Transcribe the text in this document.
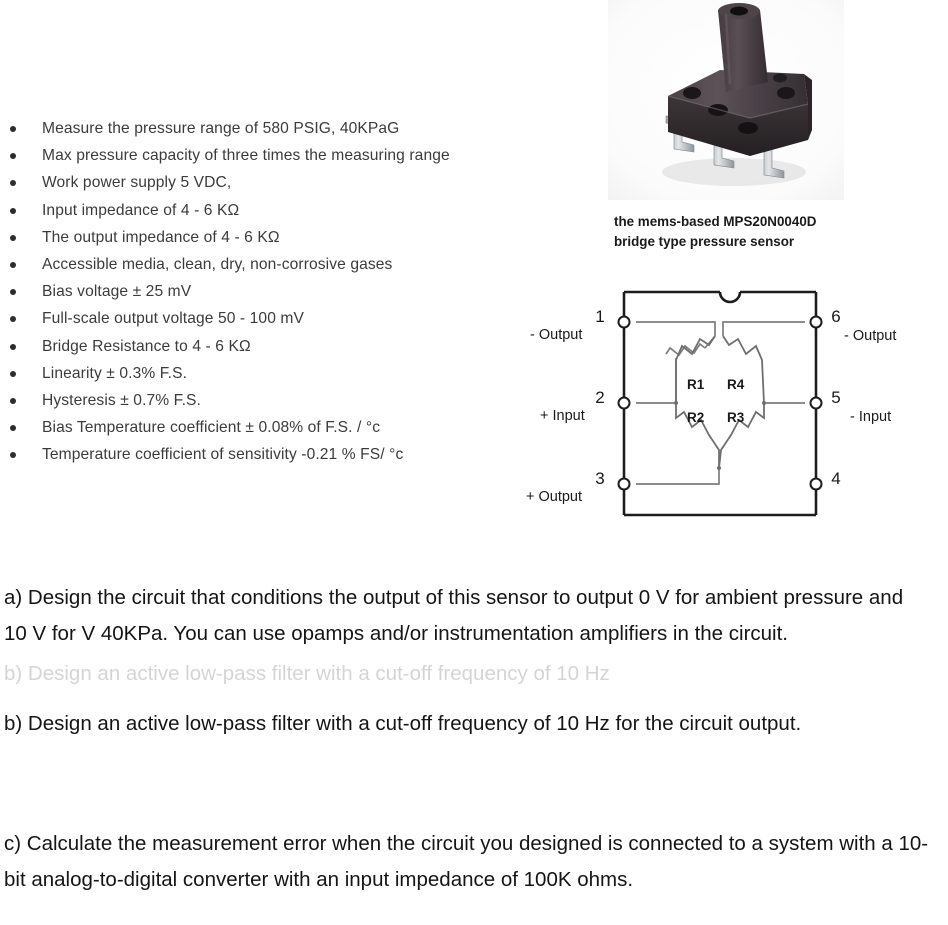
Measure the pressure range of 580 PSIG, 40KPaG
Max pressure capacity of three times the measuring range
Work power supply 5 VDC,
Input impedance of 4 - 6 KΩ
The output impedance of 4 - 6 KΩ
Accessible media, clean, dry, non-corrosive gases
Bias voltage ± 25 mV
Full-scale output voltage 50 - 100 mV
Bridge Resistance to 4 - 6 KΩ
Linearity ± 0.3% F.S.
Hysteresis ± 0.7% F.S.
Bias Temperature coefficient ± 0.08% of F.S. / °c
Temperature coefficient of sensitivity -0.21 % FS/ °c
the mems-based MPS20N0040D
bridge type pressure sensor
R1 R4
R2 R3
1
2
3
6
5
4
- Output
+ Input
+ Output
- Output
- Input
a) Design the circuit that conditions the output of this sensor to output 0 V for ambient pressure and 10 V for V 40KPa. You can use opamps and/or instrumentation amplifiers in the circuit.
b) Design an active low-pass filter with a cut-off frequency of 10 Hz
b) Design an active low-pass filter with a cut-off frequency of 10 Hz for the circuit output.
c) Calculate the measurement error when the circuit you designed is connected to a system with a 10-bit analog-to-digital converter with an input impedance of 100K ohms.
